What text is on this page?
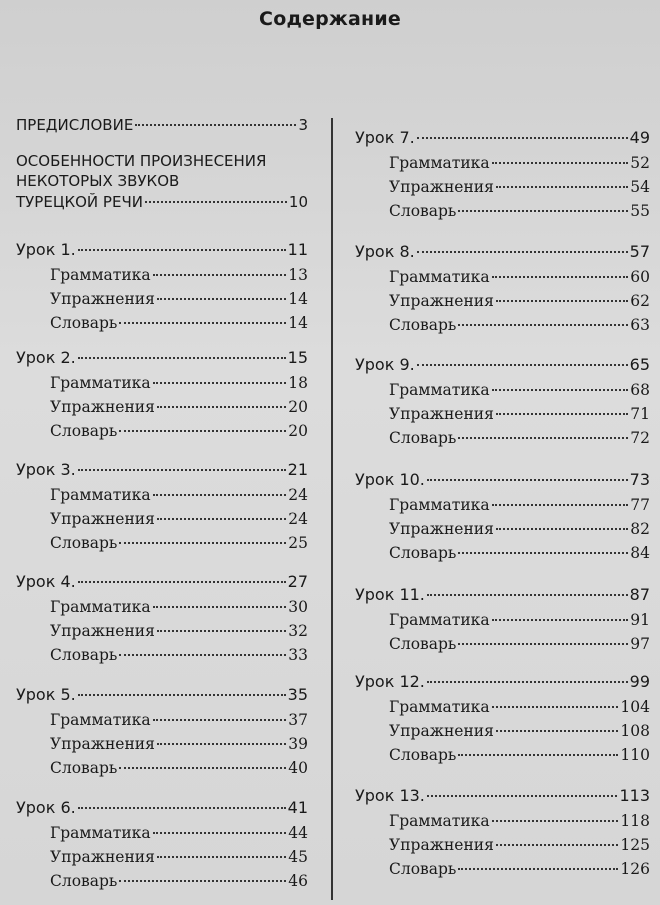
Содержание
ПРЕДИСЛОВИЕ	3
ОСОБЕННОСТИ ПРОИЗНЕСЕНИЯ
НЕКОТОРЫХ ЗВУКОВ
ТУРЕЦКОЙ РЕЧИ	10
Урок 1.	11
Грамматика	13
Упражнения	14
Словарь	14
Урок 2.	15
Грамматика	18
Упражнения	20
Словарь	20
Урок 3.	21
Грамматика	24
Упражнения	24
Словарь	25
Урок 4.	27
Грамматика	30
Упражнения	32
Словарь	33
Урок 5.	35
Грамматика	37
Упражнения	39
Словарь	40
Урок 6.	41
Грамматика	44
Упражнения	45
Словарь	46
Урок 7.	49
Грамматика	52
Упражнения	54
Словарь	55
Урок 8.	57
Грамматика	60
Упражнения	62
Словарь	63
Урок 9.	65
Грамматика	68
Упражнения	71
Словарь	72
Урок 10.	73
Грамматика	77
Упражнения	82
Словарь	84
Урок 11.	87
Грамматика	91
Словарь	97
Урок 12.	99
Грамматика	104
Упражнения	108
Словарь	110
Урок 13.	113
Грамматика	118
Упражнения	125
Словарь	126
